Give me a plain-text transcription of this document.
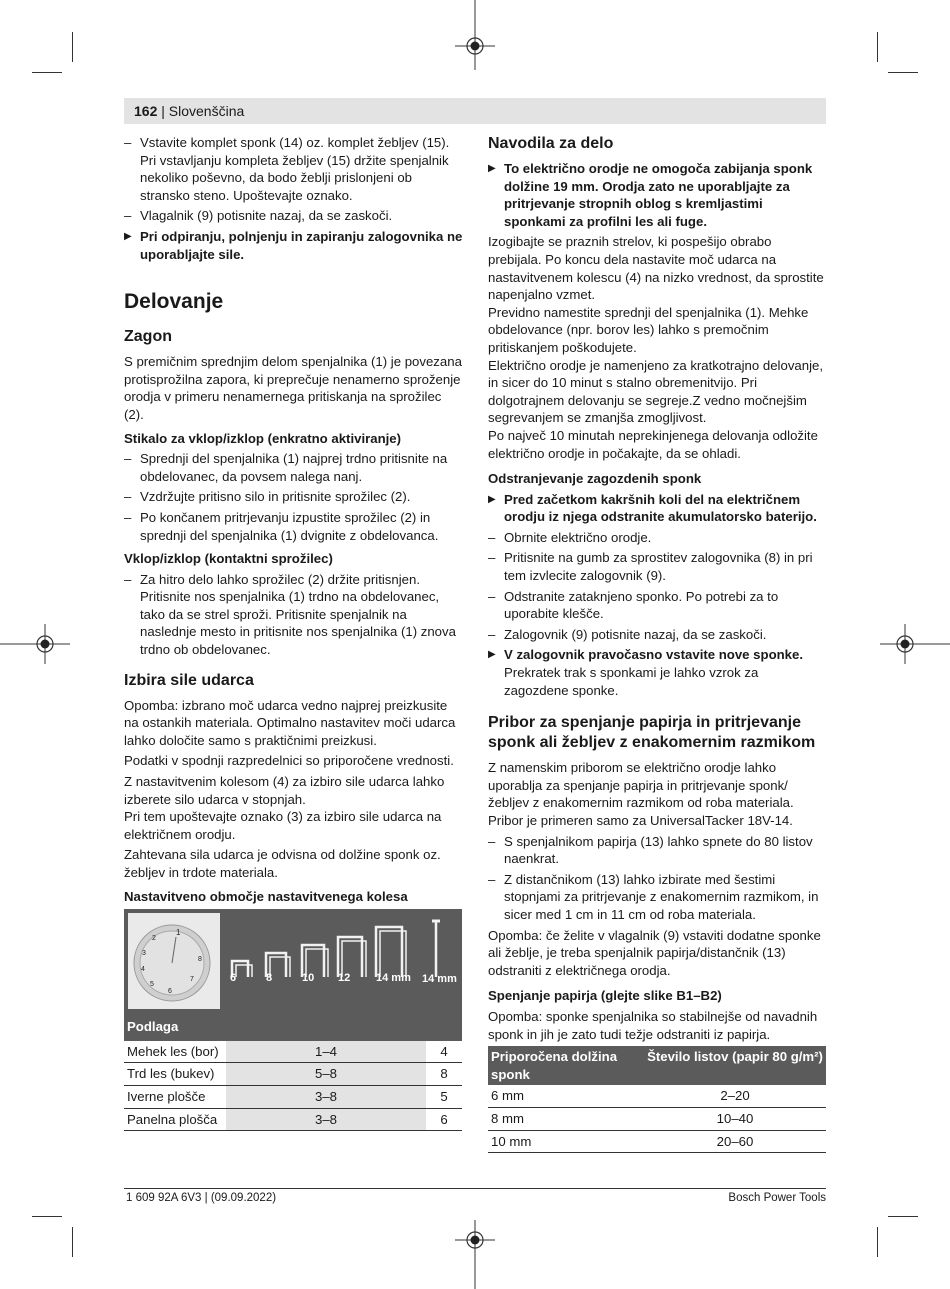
162 | Slovenščina
– Vstavite komplet sponk (14) oz. komplet žebljev (15). Pri vstavljanju kompleta žebljev (15) držite spenjalnik nekoliko poševno, da bodo žeblji prislonjeni ob stransko steno. Upoštevajte oznako.
– Vlagalnik (9) potisnite nazaj, da se zaskoči.
▶ Pri odpiranju, polnjenju in zapiranju zalogovnika ne uporabljajte sile.
Delovanje
Zagon

S premičnim sprednjim delom spenjalnika (1) je povezana protisprožilna zapora, ki preprečuje nenamerno sproženje orodja v primeru nenamernega pritiskanja na sprožilec (2).

Stikalo za vklop/izklop (enkratno aktiviranje)
– Sprednji del spenjalnika (1) najprej trdno pritisnite na obdelovanec, da povsem nalega nanj.
– Vzdržujte pritisno silo in pritisnite sprožilec (2).
– Po končanem pritrjevanju izpustite sprožilec (2) in sprednji del spenjalnika (1) dvignite z obdelovanca.
Vklop/izklop (kontaktni sprožilec)
– Za hitro delo lahko sprožilec (2) držite pritisnjen. Pritisnite nos spenjalnika (1) trdno na obdelovanec, tako da se strel sproži. Pritisnite spenjalnik na naslednje mesto in pritisnite nos spenjalnika (1) znova trdno ob obdelovanec.
Izbira sile udarca

Opomba: izbrano moč udarca vedno najprej preizkusite na ostankih materiala. Optimalno nastavitev moči udarca lahko določite samo s praktičnimi preizkusi.

Podatki v spodnji razpredelnici so priporočene vrednosti.

Z nastavitvenim kolesom (4) za izbiro sile udarca lahko izberete silo udarca v stopnjah.

Pri tem upoštevajte oznako (3) za izbiro sile udarca na električnem orodju.

Zahtevana sila udarca je odvisna od dolžine sponk oz. žebljev in trdote materiala.

Nastavitveno območje nastavitvenega kolesa
1
2
3
4
5
6
7
8
6	8	10 12 14 mm 14 mm
Podlaga		
Mehek les (bor)	1–4	4
Trd les (bukev)	5–8	8
Iverne plošče	3–8	5
Panelna plošča	3–8	6
Navodila za delo
▶ To električno orodje ne omogoča zabijanja sponk dolžine 19 mm. Orodja zato ne uporabljajte za pritrjevanje stropnih oblog s kremljastimi sponkami za profilni les ali fuge.

Izogibajte se praznih strelov, ki pospešijo obrabo prebijala. Po koncu dela nastavite moč udarca na nastavitvenem kolescu (4) na nizko vrednost, da sprostite napenjalno vzmet.

Previdno namestite sprednji del spenjalnika (1). Mehke obdelovance (npr. borov les) lahko s premočnim pritiskanjem poškodujete.

Električno orodje je namenjeno za kratkotrajno delovanje, in sicer do 10 minut s stalno obremenitvijo. Pri dolgotrajnem delovanju se segreje.Z vedno močnejšim segrevanjem se zmanjša zmogljivost.

Po največ 10 minutah neprekinjenega delovanja odložite električno orodje in počakajte, da se ohladi.

Odstranjevanje zagozdenih sponk
▶ Pred začetkom kakršnih koli del na električnem orodju iz njega odstranite akumulatorsko baterijo.
– Obrnite električno orodje.
– Pritisnite na gumb za sprostitev zalogovnika (8) in pri tem izvlecite zalogovnik (9).
– Odstranite zataknjeno sponko. Po potrebi za to uporabite klešče.
– Zalogovnik (9) potisnite nazaj, da se zaskoči.
▶ V zalogovnik pravočasno vstavite nove sponke.

Prekratek trak s sponkami je lahko vzrok za zagozdene sponke.

Pribor za spenjanje papirja in pritrjevanje sponk ali žebljev z enakomernim razmikom

Z namenskim priborom se električno orodje lahko uporablja za spenjanje papirja in pritrjevanje sponk/žebljev z enakomernim razmikom od roba materiala. Pribor je primeren samo za UniversalTacker 18V-14.

– S spenjalnikom papirja (13) lahko spnete do 80 listov naenkrat.
– Z distančnikom (13) lahko izbirate med šestimi stopnjami za pritrjevanje z enakomernim razmikom, in sicer med 1 cm in 11 cm od roba materiala.

Opomba: če želite v vlagalnik (9) vstaviti dodatne sponke ali žeblje, je treba spenjalnik papirja/distančnik (13) odstraniti z električnega orodja.

Spenjanje papirja (glejte slike B1–B2)

Opomba: sponke spenjalnika so stabilnejše od navadnih sponk in jih je zato tudi težje odstraniti iz papirja.

Priporočena dolžina sponk	Število listov (papir 80 g/m²)
6 mm	2–20
8 mm	10–40
10 mm	20–60
1 609 92A 6V3 | (09.09.2022)	Bosch Power Tools
